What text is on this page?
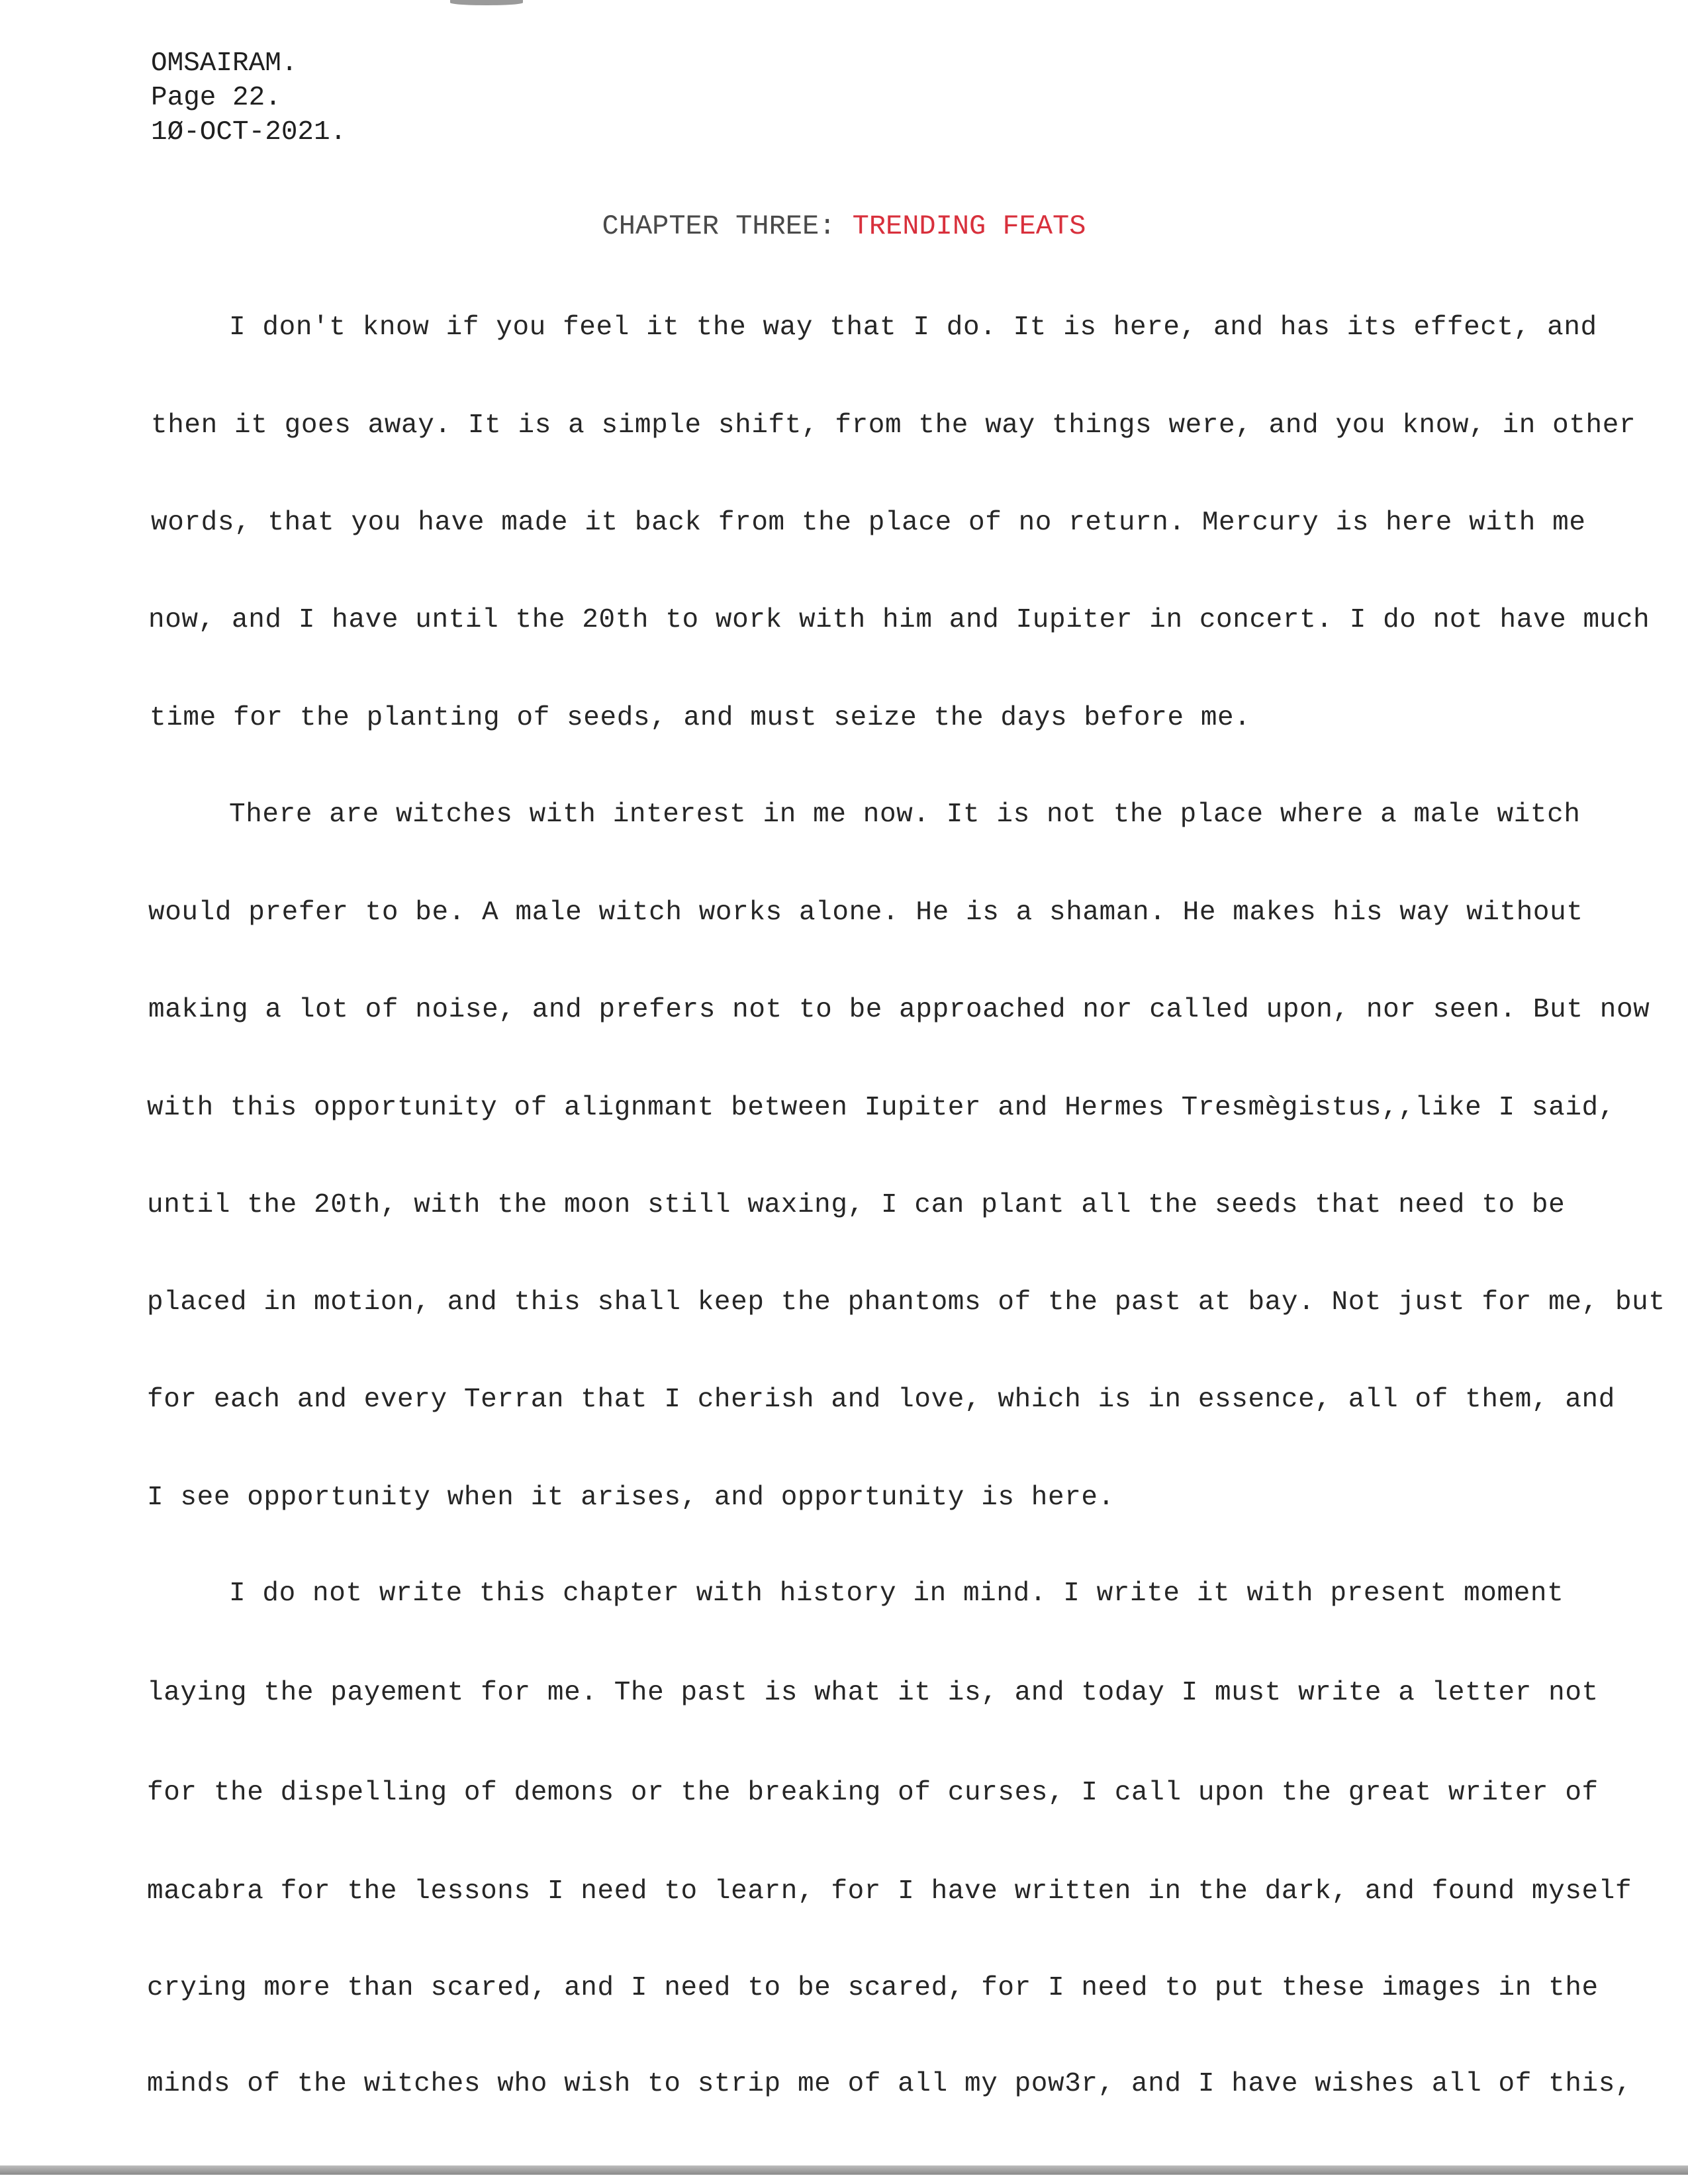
OMSAIRAM.
Page 22.
1Ø-OCT-2021.
CHAPTER THREE: TRENDING FEATS
I don't know if you feel it the way that I do. It is here, and has its effect, and
then it goes away. It is a simple shift, from the way things were, and you know, in other
words, that you have made it back from the place of no return. Mercury is here with me
now, and I have until the 20th to work with him and Iupiter in concert. I do not have much
time for the planting of seeds, and must seize the days before me.
There are witches with interest in me now. It is not the place where a male witch
would prefer to be. A male witch works alone. He is a shaman. He makes his way without
making a lot of noise, and prefers not to be approached nor called upon, nor seen. But now
with this opportunity of alignmant between Iupiter and Hermes Tresmègistus,,like I said,
until the 20th, with the moon still waxing, I can plant all the seeds that need to be
placed in motion, and this shall keep the phantoms of the past at bay. Not just for me, but
for each and every Terran that I cherish and love, which is in essence, all of them, and
I see opportunity when it arises, and opportunity is here.
I do not write this chapter with history in mind. I write it with present moment
laying the payement for me. The past is what it is, and today I must write a letter not
for the dispelling of demons or the breaking of curses, I call upon the great writer of
macabra for the lessons I need to learn, for I have written in the dark, and found myself
crying more than scared, and I need to be scared, for I need to put these images in the
minds of the witches who wish to strip me of all my pow3r, and I have wishes all of this,
